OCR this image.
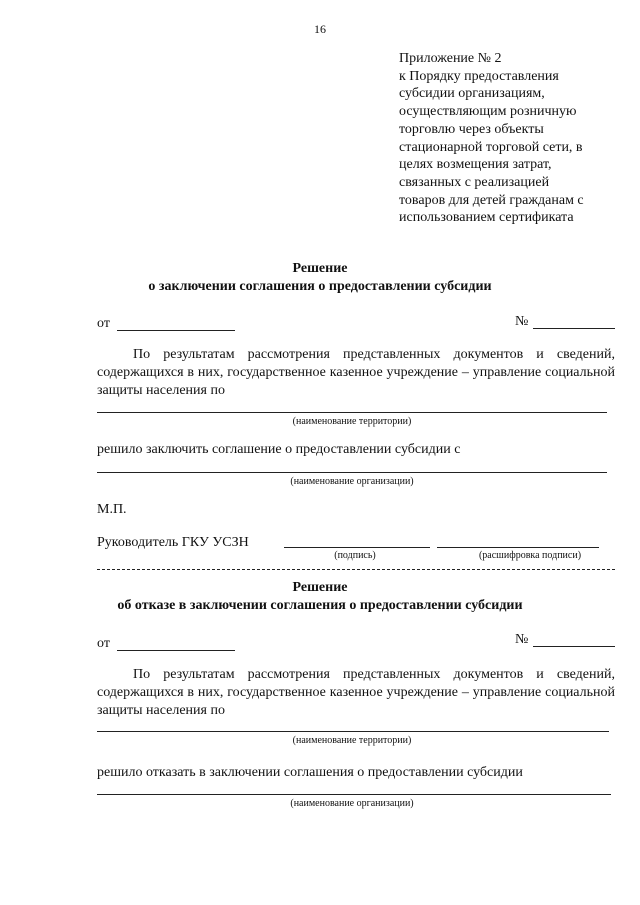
16
Приложение № 2
к Порядку предоставления
субсидии организациям,
осуществляющим розничную
торговлю через объекты
стационарной торговой сети, в
целях возмещения затрат,
связанных с реализацией
товаров для детей гражданам с
использованием сертификата
Решение
о заключении соглашения о предоставлении субсидии
от	№
По результатам рассмотрения представленных документов и сведений, содержащихся в них, государственное казенное учреждение – управление социальной защиты населения по
(наименование территории)
решило заключить соглашение о предоставлении субсидии с
(наименование организации)
М.П.
Руководитель ГКУ УСЗН
(подпись)	(расшифровка подписи)
Решение
об отказе в заключении соглашения о предоставлении субсидии
от	№
По результатам рассмотрения представленных документов и сведений, содержащихся в них, государственное казенное учреждение – управление социальной защиты населения по
(наименование территории)
решило отказать в заключении соглашения о предоставлении субсидии
(наименование организации)
